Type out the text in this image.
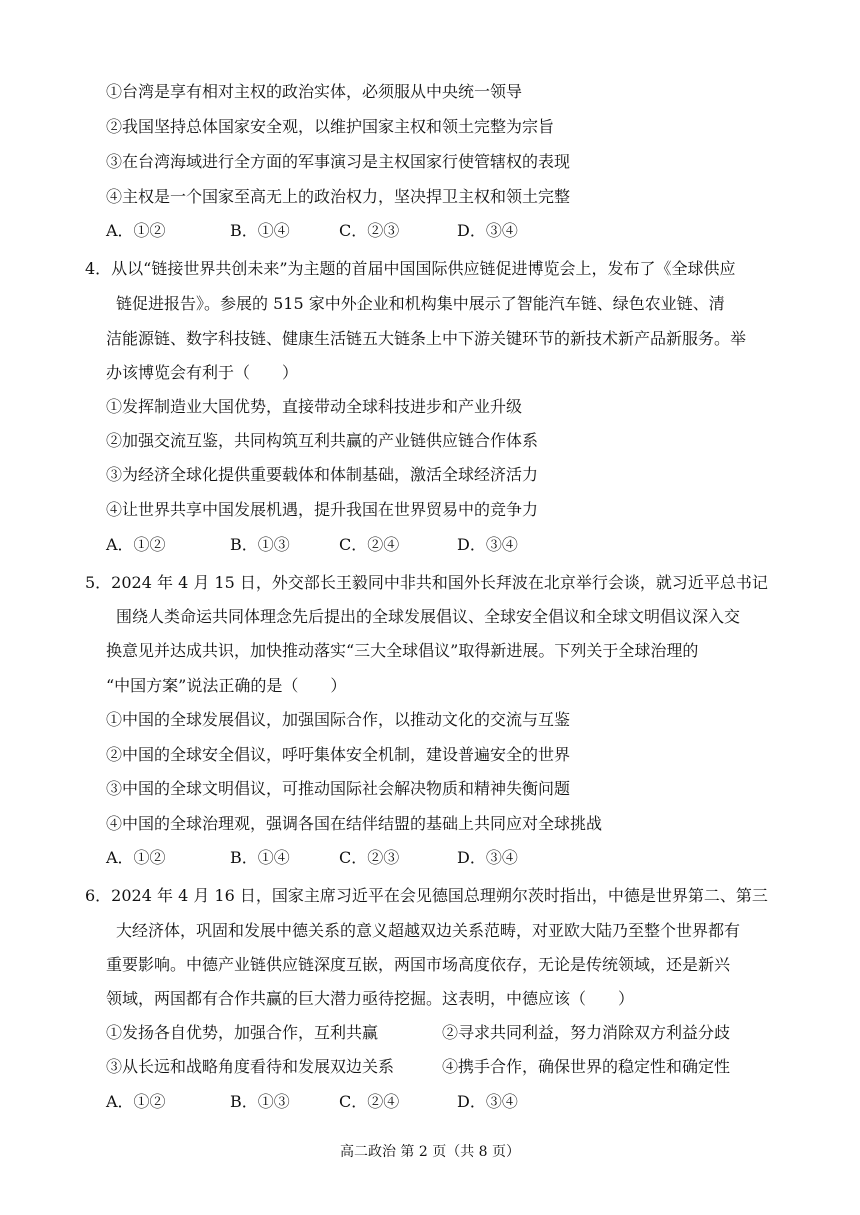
①台湾是享有相对主权的政治实体，必须服从中央统一领导
②我国坚持总体国家安全观，以维护国家主权和领土完整为宗旨
③在台湾海域进行全方面的军事演习是主权国家行使管辖权的表现
④主权是一个国家至高无上的政治权力，坚决捍卫主权和领土完整
A．①②	B．①④	C．②③	D．③④
4．从以“链接世界共创未来”为主题的首届中国国际供应链促进博览会上，发布了《全球供应
链促进报告》。参展的 515 家中外企业和机构集中展示了智能汽车链、绿色农业链、清
洁能源链、数字科技链、健康生活链五大链条上中下游关键环节的新技术新产品新服务。举
办该博览会有利于（　　）
①发挥制造业大国优势，直接带动全球科技进步和产业升级
②加强交流互鉴，共同构筑互利共赢的产业链供应链合作体系
③为经济全球化提供重要载体和体制基础，激活全球经济活力
④让世界共享中国发展机遇，提升我国在世界贸易中的竞争力
A．①②	B．①③	C．②④	D．③④
5．2024 年 4 月 15 日，外交部长王毅同中非共和国外长拜波在北京举行会谈，就习近平总书记
围绕人类命运共同体理念先后提出的全球发展倡议、全球安全倡议和全球文明倡议深入交
换意见并达成共识，加快推动落实“三大全球倡议”取得新进展。下列关于全球治理的
“中国方案”说法正确的是（　　）
①中国的全球发展倡议，加强国际合作，以推动文化的交流与互鉴
②中国的全球安全倡议，呼吁集体安全机制，建设普遍安全的世界
③中国的全球文明倡议，可推动国际社会解决物质和精神失衡问题
④中国的全球治理观，强调各国在结伴结盟的基础上共同应对全球挑战
A．①②	B．①④	C．②③	D．③④
6．2024 年 4 月 16 日，国家主席习近平在会见德国总理朔尔茨时指出，中德是世界第二、第三
大经济体，巩固和发展中德关系的意义超越双边关系范畴，对亚欧大陆乃至整个世界都有
重要影响。中德产业链供应链深度互嵌，两国市场高度依存，无论是传统领域，还是新兴
领域，两国都有合作共赢的巨大潜力亟待挖掘。这表明，中德应该（　　）
①发扬各自优势，加强合作，互利共赢	②寻求共同利益，努力消除双方利益分歧
③从长远和战略角度看待和发展双边关系	④携手合作，确保世界的稳定性和确定性
A．①②	B．①③	C．②④	D．③④
高二政治 第 2 页（共 8 页）
